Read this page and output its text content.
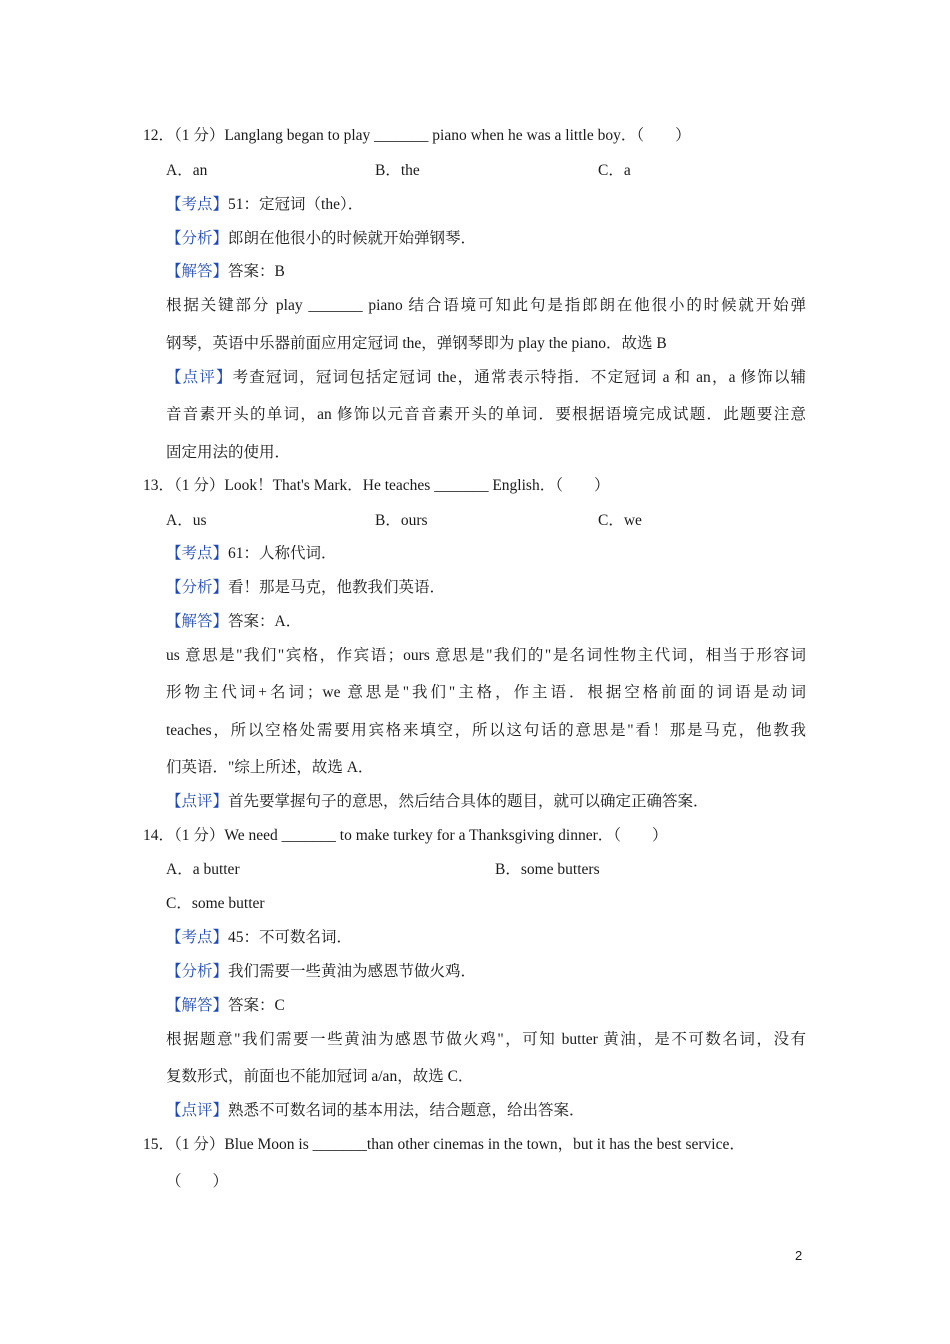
12．（1 分）Langlang began to play _______ piano when he was a little boy．（　　）
A．an	B．the	C．a
【考点】51：定冠词（the）．
【分析】郎朗在他很小的时候就开始弹钢琴．
【解答】答案：B
根据关键部分 play _______ piano 结合语境可知此句是指郎朗在他很小的时候就开始弹
钢琴，英语中乐器前面应用定冠词 the，弹钢琴即为 play the piano．故选 B
【点评】考查冠词，冠词包括定冠词 the，通常表示特指．不定冠词 a 和 an，a 修饰以辅
音音素开头的单词，an 修饰以元音音素开头的单词．要根据语境完成试题．此题要注意
固定用法的使用．
13．（1 分）Look！That's Mark．He teaches _______ English．（　　）
A．us	B．ours	C．we
【考点】61：人称代词．
【分析】看！那是马克，他教我们英语．
【解答】答案：A．
us 意思是"我们"宾格，作宾语；ours 意思是"我们的"是名词性物主代词，相当于形容词
形物主代词+名词；we 意思是"我们"主格，作主语．根据空格前面的词语是动词
teaches，所以空格处需要用宾格来填空，所以这句话的意思是"看！那是马克，他教我
们英语．"综上所述，故选 A．
【点评】首先要掌握句子的意思，然后结合具体的题目，就可以确定正确答案．
14．（1 分）We need _______ to make turkey for a Thanksgiving dinner．（　　）
A．a butter	B．some butters
C．some butter
【考点】45：不可数名词．
【分析】我们需要一些黄油为感恩节做火鸡．
【解答】答案：C
根据题意"我们需要一些黄油为感恩节做火鸡"，可知 butter 黄油，是不可数名词，没有
复数形式，前面也不能加冠词 a/an，故选 C．
【点评】熟悉不可数名词的基本用法，结合题意，给出答案．
15．（1 分）Blue Moon is _______than other cinemas in the town，but it has the best service．
（　　）
2
